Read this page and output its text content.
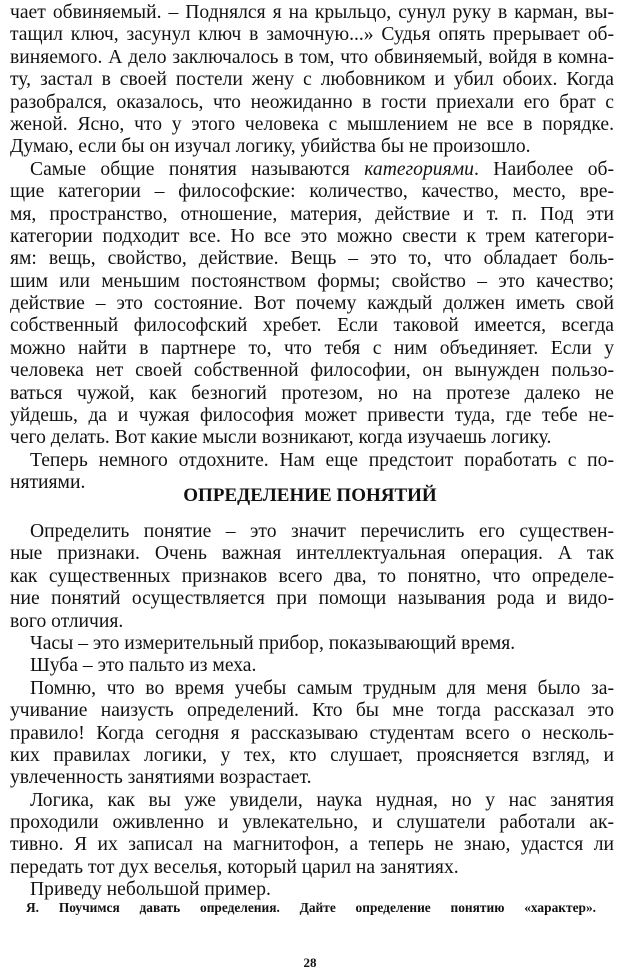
чает обвиняемый. – Поднялся я на крыльцо, сунул руку в карман, вы-
тащил ключ, засунул ключ в замочную...» Судья опять прерывает об-
виняемого. А дело заключалось в том, что обвиняемый, войдя в комна-
ту, застал в своей постели жену с любовником и убил обоих. Когда
разобрался, оказалось, что неожиданно в гости приехали его брат с
женой. Ясно, что у этого человека с мышлением не все в порядке.
Думаю, если бы он изучал логику, убийства бы не произошло.
Самые общие понятия называются категориями. Наиболее об-
щие категории – философские: количество, качество, место, вре-
мя, пространство, отношение, материя, действие и т. п. Под эти
категории подходит все. Но все это можно свести к трем категори-
ям: вещь, свойство, действие. Вещь – это то, что обладает боль-
шим или меньшим постоянством формы; свойство – это качество;
действие – это состояние. Вот почему каждый должен иметь свой
собственный философский хребет. Если таковой имеется, всегда
можно найти в партнере то, что тебя с ним объединяет. Если у
человека нет своей собственной философии, он вынужден пользо-
ваться чужой, как безногий протезом, но на протезе далеко не
уйдешь, да и чужая философия может привести туда, где тебе не-
чего делать. Вот какие мысли возникают, когда изучаешь логику.
Теперь немного отдохните. Нам еще предстоит поработать с по-
нятиями.
ОПРЕДЕЛЕНИЕ ПОНЯТИЙ
Определить понятие – это значит перечислить его существен-
ные признаки. Очень важная интеллектуальная операция. А так
как существенных признаков всего два, то понятно, что определе-
ние понятий осуществляется при помощи называния рода и видо-
вого отличия.
Часы – это измерительный прибор, показывающий время.
Шуба – это пальто из меха.
Помню, что во время учебы самым трудным для меня было за-
учивание наизусть определений. Кто бы мне тогда рассказал это
правило! Когда сегодня я рассказываю студентам всего о несколь-
ких правилах логики, у тех, кто слушает, проясняется взгляд, и
увлеченность занятиями возрастает.
Логика, как вы уже увидели, наука нудная, но у нас занятия
проходили оживленно и увлекательно, и слушатели работали ак-
тивно. Я их записал на магнитофон, а теперь не знаю, удастся ли
передать тот дух веселья, который царил на занятиях.
Приведу небольшой пример.
Я. Поучимся давать определения. Дайте определение понятию «характер».
28
